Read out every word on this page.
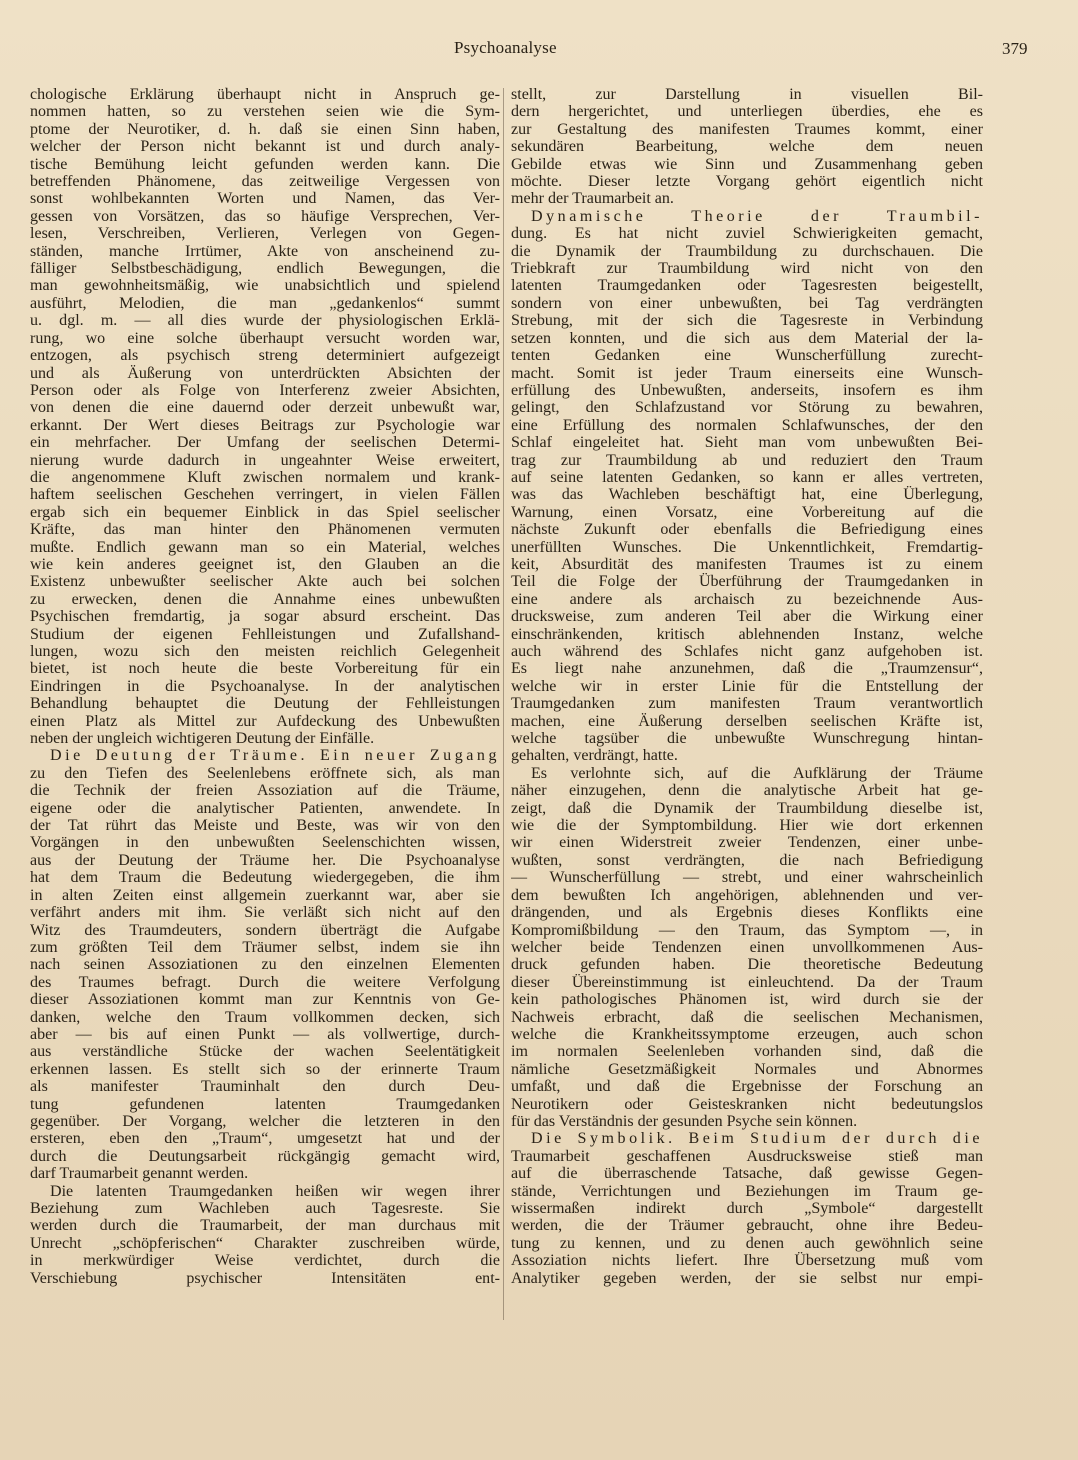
Psychoanalyse	379
chologische Erklärung überhaupt nicht in Anspruch ge-
nommen hatten, so zu verstehen seien wie die Sym-
ptome der Neurotiker, d. h. daß sie einen Sinn haben,
welcher der Person nicht bekannt ist und durch analy-
tische Bemühung leicht gefunden werden kann. Die
betreffenden Phänomene, das zeitweilige Vergessen von
sonst wohlbekannten Worten und Namen, das Ver-
gessen von Vorsätzen, das so häufige Versprechen, Ver-
lesen, Verschreiben, Verlieren, Verlegen von Gegen-
ständen, manche Irrtümer, Akte von anscheinend zu-
fälliger Selbstbeschädigung, endlich Bewegungen, die
man gewohnheitsmäßig, wie unabsichtlich und spielend
ausführt, Melodien, die man „gedankenlos“ summt
u. dgl. m. — all dies wurde der physiologischen Erklä-
rung, wo eine solche überhaupt versucht worden war,
entzogen, als psychisch streng determiniert aufgezeigt
und als Äußerung von unterdrückten Absichten der
Person oder als Folge von Interferenz zweier Absichten,
von denen die eine dauernd oder derzeit unbewußt war,
erkannt. Der Wert dieses Beitrags zur Psychologie war
ein mehrfacher. Der Umfang der seelischen Determi-
nierung wurde dadurch in ungeahnter Weise erweitert,
die angenommene Kluft zwischen normalem und krank-
haftem seelischen Geschehen verringert, in vielen Fällen
ergab sich ein bequemer Einblick in das Spiel seelischer
Kräfte, das man hinter den Phänomenen vermuten
mußte. Endlich gewann man so ein Material, welches
wie kein anderes geeignet ist, den Glauben an die
Existenz unbewußter seelischer Akte auch bei solchen
zu erwecken, denen die Annahme eines unbewußten
Psychischen fremdartig, ja sogar absurd erscheint. Das
Studium der eigenen Fehlleistungen und Zufallshand-
lungen, wozu sich den meisten reichlich Gelegenheit
bietet, ist noch heute die beste Vorbereitung für ein
Eindringen in die Psychoanalyse. In der analytischen
Behandlung behauptet die Deutung der Fehlleistungen
einen Platz als Mittel zur Aufdeckung des Unbewußten
neben der ungleich wichtigeren Deutung der Einfälle.
Die Deutung der Träume. Ein neuer Zugang
zu den Tiefen des Seelenlebens eröffnete sich, als man
die Technik der freien Assoziation auf die Träume,
eigene oder die analytischer Patienten, anwendete. In
der Tat rührt das Meiste und Beste, was wir von den
Vorgängen in den unbewußten Seelenschichten wissen,
aus der Deutung der Träume her. Die Psychoanalyse
hat dem Traum die Bedeutung wiedergegeben, die ihm
in alten Zeiten einst allgemein zuerkannt war, aber sie
verfährt anders mit ihm. Sie verläßt sich nicht auf den
Witz des Traumdeuters, sondern überträgt die Aufgabe
zum größten Teil dem Träumer selbst, indem sie ihn
nach seinen Assoziationen zu den einzelnen Elementen
des Traumes befragt. Durch die weitere Verfolgung
dieser Assoziationen kommt man zur Kenntnis von Ge-
danken, welche den Traum vollkommen decken, sich
aber — bis auf einen Punkt — als vollwertige, durch-
aus verständliche Stücke der wachen Seelentätigkeit
erkennen lassen. Es stellt sich so der erinnerte Traum
als manifester Trauminhalt den durch Deu-
tung gefundenen latenten Traumgedanken
gegenüber. Der Vorgang, welcher die letzteren in den
ersteren, eben den „Traum“, umgesetzt hat und der
durch die Deutungsarbeit rückgängig gemacht wird,
darf Traumarbeit genannt werden.
Die latenten Traumgedanken heißen wir wegen ihrer
Beziehung zum Wachleben auch Tagesreste. Sie
werden durch die Traumarbeit, der man durchaus mit
Unrecht „schöpferischen“ Charakter zuschreiben würde,
in merkwürdiger Weise verdichtet, durch die
Verschiebung psychischer Intensitäten ent-
stellt, zur Darstellung in visuellen Bil-
dern hergerichtet, und unterliegen überdies, ehe es
zur Gestaltung des manifesten Traumes kommt, einer
sekundären Bearbeitung, welche dem neuen
Gebilde etwas wie Sinn und Zusammenhang geben
möchte. Dieser letzte Vorgang gehört eigentlich nicht
mehr der Traumarbeit an.
Dynamische Theorie der Traumbil-
dung. Es hat nicht zuviel Schwierigkeiten gemacht,
die Dynamik der Traumbildung zu durchschauen. Die
Triebkraft zur Traumbildung wird nicht von den
latenten Traumgedanken oder Tagesresten beigestellt,
sondern von einer unbewußten, bei Tag verdrängten
Strebung, mit der sich die Tagesreste in Verbindung
setzen konnten, und die sich aus dem Material der la-
tenten Gedanken eine Wunscherfüllung zurecht-
macht. Somit ist jeder Traum einerseits eine Wunsch-
erfüllung des Unbewußten, anderseits, insofern es ihm
gelingt, den Schlafzustand vor Störung zu bewahren,
eine Erfüllung des normalen Schlafwunsches, der den
Schlaf eingeleitet hat. Sieht man vom unbewußten Bei-
trag zur Traumbildung ab und reduziert den Traum
auf seine latenten Gedanken, so kann er alles vertreten,
was das Wachleben beschäftigt hat, eine Überlegung,
Warnung, einen Vorsatz, eine Vorbereitung auf die
nächste Zukunft oder ebenfalls die Befriedigung eines
unerfüllten Wunsches. Die Unkenntlichkeit, Fremdartig-
keit, Absurdität des manifesten Traumes ist zu einem
Teil die Folge der Überführung der Traumgedanken in
eine andere als archaisch zu bezeichnende Aus-
drucksweise, zum anderen Teil aber die Wirkung einer
einschränkenden, kritisch ablehnenden Instanz, welche
auch während des Schlafes nicht ganz aufgehoben ist.
Es liegt nahe anzunehmen, daß die „Traumzensur“,
welche wir in erster Linie für die Entstellung der
Traumgedanken zum manifesten Traum verantwortlich
machen, eine Äußerung derselben seelischen Kräfte ist,
welche tagsüber die unbewußte Wunschregung hintan-
gehalten, verdrängt, hatte.
Es verlohnte sich, auf die Aufklärung der Träume
näher einzugehen, denn die analytische Arbeit hat ge-
zeigt, daß die Dynamik der Traumbildung dieselbe ist,
wie die der Symptombildung. Hier wie dort erkennen
wir einen Widerstreit zweier Tendenzen, einer unbe-
wußten, sonst verdrängten, die nach Befriedigung
— Wunscherfüllung — strebt, und einer wahrscheinlich
dem bewußten Ich angehörigen, ablehnenden und ver-
drängenden, und als Ergebnis dieses Konflikts eine
Kompromißbildung — den Traum, das Symptom —, in
welcher beide Tendenzen einen unvollkommenen Aus-
druck gefunden haben. Die theoretische Bedeutung
dieser Übereinstimmung ist einleuchtend. Da der Traum
kein pathologisches Phänomen ist, wird durch sie der
Nachweis erbracht, daß die seelischen Mechanismen,
welche die Krankheitssymptome erzeugen, auch schon
im normalen Seelenleben vorhanden sind, daß die
nämliche Gesetzmäßigkeit Normales und Abnormes
umfaßt, und daß die Ergebnisse der Forschung an
Neurotikern oder Geisteskranken nicht bedeutungslos
für das Verständnis der gesunden Psyche sein können.
Die Symbolik. Beim Studium der durch die
Traumarbeit geschaffenen Ausdrucksweise stieß man
auf die überraschende Tatsache, daß gewisse Gegen-
stände, Verrichtungen und Beziehungen im Traum ge-
wissermaßen indirekt durch „Symbole“ dargestellt
werden, die der Träumer gebraucht, ohne ihre Bedeu-
tung zu kennen, und zu denen auch gewöhnlich seine
Assoziation nichts liefert. Ihre Übersetzung muß vom
Analytiker gegeben werden, der sie selbst nur empi-
